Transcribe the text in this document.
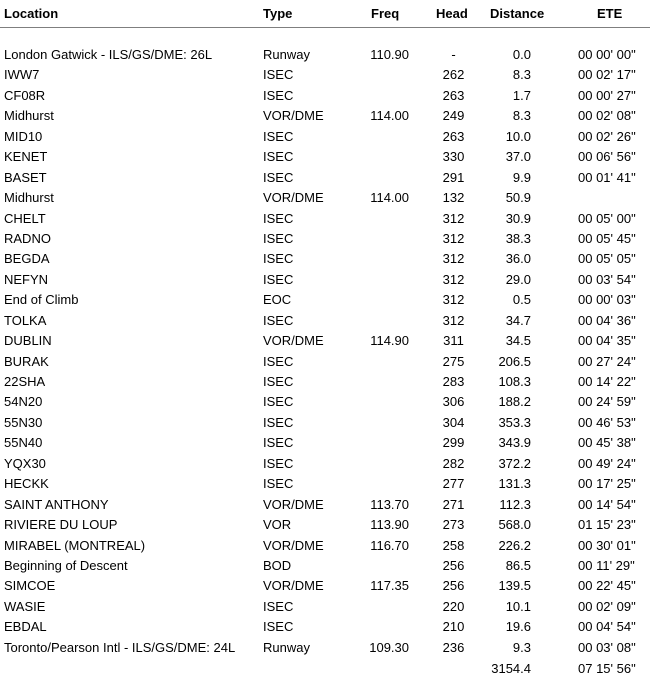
Location	Type	Freq	Head Distance	ETE
London Gatwick - ILS/GS/DME: 26L	Runway	110.90	-	0.0	00 00' 00"
IWW7	ISEC	262	8.3	00 02' 17"
CF08R	ISEC	263	1.7	00 00' 27"
Midhurst	VOR/DME	114.00	249	8.3	00 02' 08"
MID10	ISEC	263	10.0	00 02' 26"
KENET	ISEC	330	37.0	00 06' 56"
BASET	ISEC	291	9.9	00 01' 41"
Midhurst	VOR/DME	114.00	132	50.9
CHELT	ISEC	312	30.9	00 05' 00"
RADNO	ISEC	312	38.3	00 05' 45"
BEGDA	ISEC	312	36.0	00 05' 05"
NEFYN	ISEC	312	29.0	00 03' 54"
End of Climb	EOC	312	0.5	00 00' 03"
TOLKA	ISEC	312	34.7	00 04' 36"
DUBLIN	VOR/DME	114.90	311	34.5	00 04' 35"
BURAK	ISEC	275	206.5	00 27' 24"
22SHA	ISEC	283	108.3	00 14' 22"
54N20	ISEC	306	188.2	00 24' 59"
55N30	ISEC	304	353.3	00 46' 53"
55N40	ISEC	299	343.9	00 45' 38"
YQX30	ISEC	282	372.2	00 49' 24"
HECKK	ISEC	277	131.3	00 17' 25"
SAINT ANTHONY	VOR/DME	113.70	271	112.3	00 14' 54"
RIVIERE DU LOUP	VOR	113.90	273	568.0	01 15' 23"
MIRABEL (MONTREAL)	VOR/DME	116.70	258	226.2	00 30' 01"
Beginning of Descent	BOD	256	86.5	00 11' 29"
SIMCOE	VOR/DME	117.35	256	139.5	00 22' 45"
WASIE	ISEC	220	10.1	00 02' 09"
EBDAL	ISEC	210	19.6	00 04' 54"
Toronto/Pearson Intl - ILS/GS/DME: 24L Runway	109.30	236	9.3	00 03' 08"
3154.4	07 15' 56"
